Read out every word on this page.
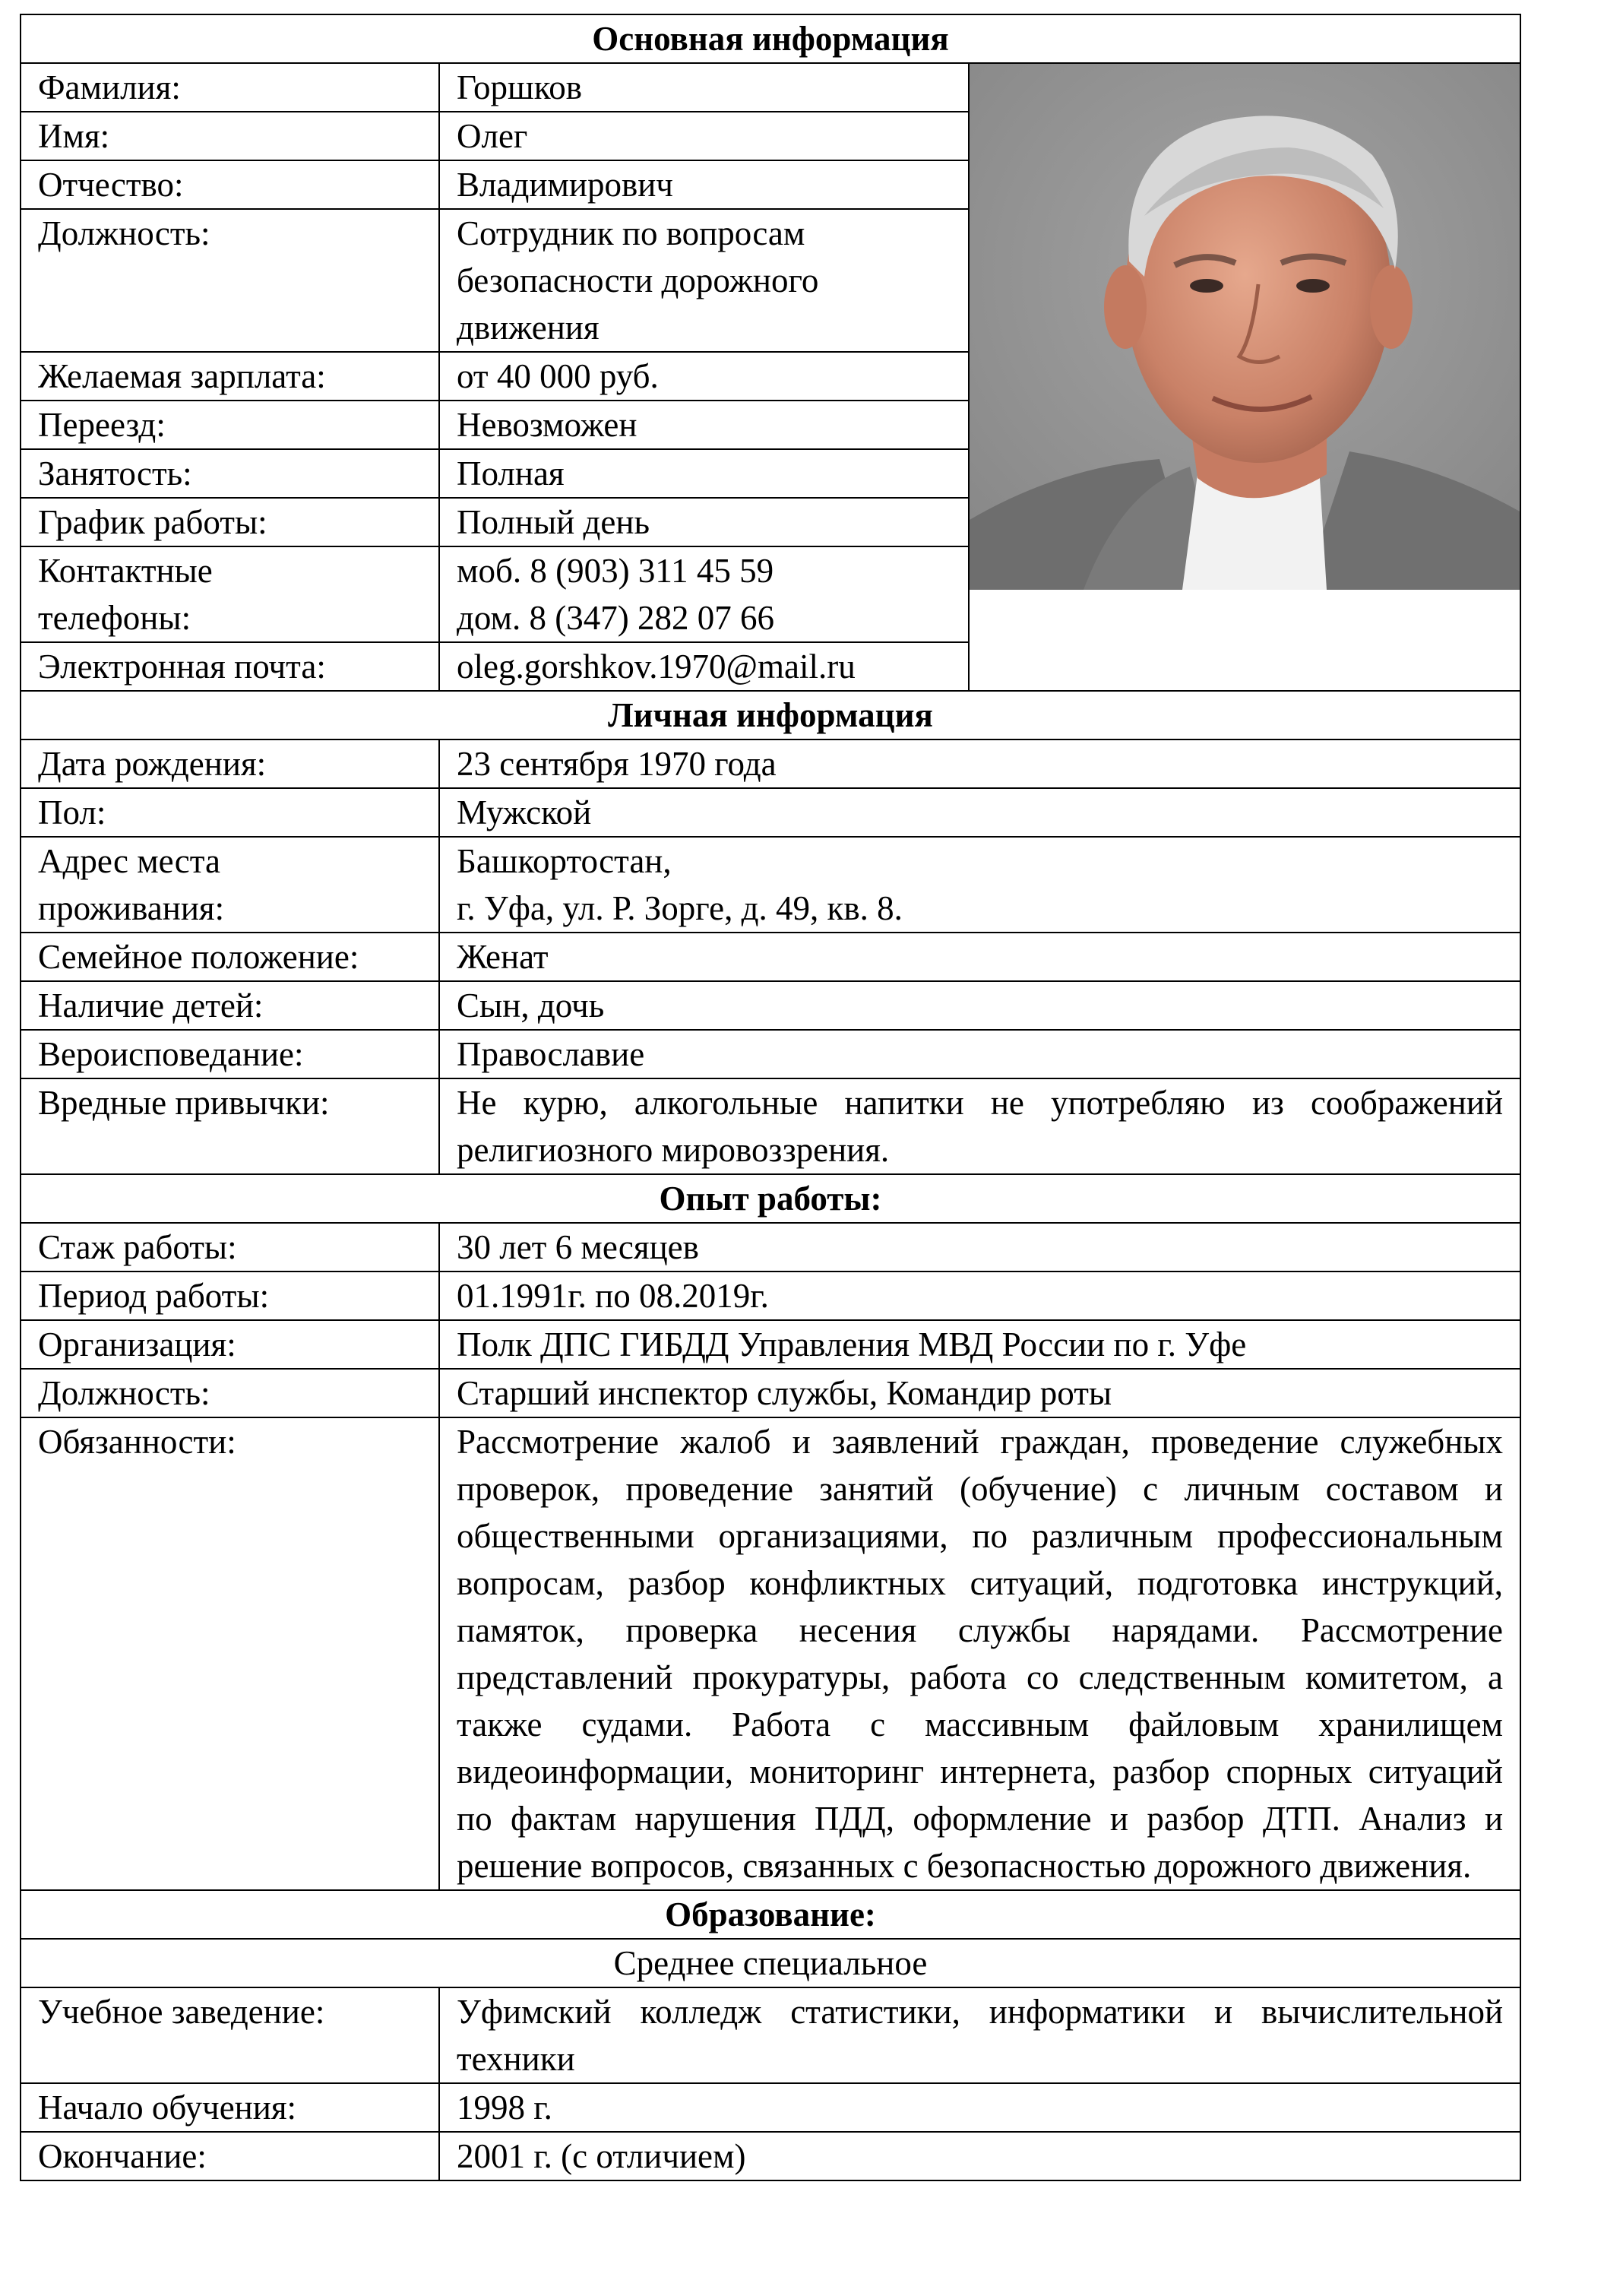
Основная информация		
Фамилия:	Горшков	

Имя:	Олег	
Отчество:	Владимирович	
Должность:	Сотрудник по вопросам
безопасности дорожного
движения	

Желаемая зарплата:	от 40 000 руб.	
Переезд:	Невозможен	
Занятость:	Полная	
График работы:	Полный день	

Контактные
телефоны:	моб. 8 (903) 311 45 59
дом. 8 (347) 282 07 66	

Электронная почта:	oleg.gorshkov.1970@mail.ru	
Личная информация		
Дата рождения:	23 сентября 1970 года	
Пол:	Мужской	

Адрес места
проживания:	Башкортостан,
г. Уфа, ул. Р. Зорге, д. 49, кв. 8.	

Семейное положение:	Женат	
Наличие детей:	Сын, дочь	
Вероисповедание:	Православие	
Вредные привычки:	Не курю, алкогольные напитки не употребляю из соображений религиозного мировоззрения.	
Опыт работы:		
Стаж работы:	30 лет 6 месяцев	
Период работы:	01.1991г. по 08.2019г.	
Организация:	Полк ДПС ГИБДД Управления МВД России по г. Уфе	
Должность:	Старший инспектор службы, Командир роты	
Обязанности:	Рассмотрение жалоб и заявлений граждан, проведение служебных проверок, проведение занятий (обучение) с личным составом и общественными организациями, по различным профессиональным вопросам, разбор конфликтных ситуаций, подготовка инструкций, памяток, проверка несения службы нарядами. Рассмотрение представлений прокуратуры, работа со следственным комитетом, а также судами. Работа с массивным файловым хранилищем видеоинформации, мониторинг интернета, разбор спорных ситуаций по фактам нарушения ПДД, оформление и разбор ДТП. Анализ и решение вопросов, связанных с безопасностью дорожного движения.	
Образование:		
Среднее специальное		
Учебное заведение:	Уфимский колледж статистики, информатики и вычислительной техники	
Начало обучения:	1998 г.	
Окончание:	2001 г. (с отличием)	
